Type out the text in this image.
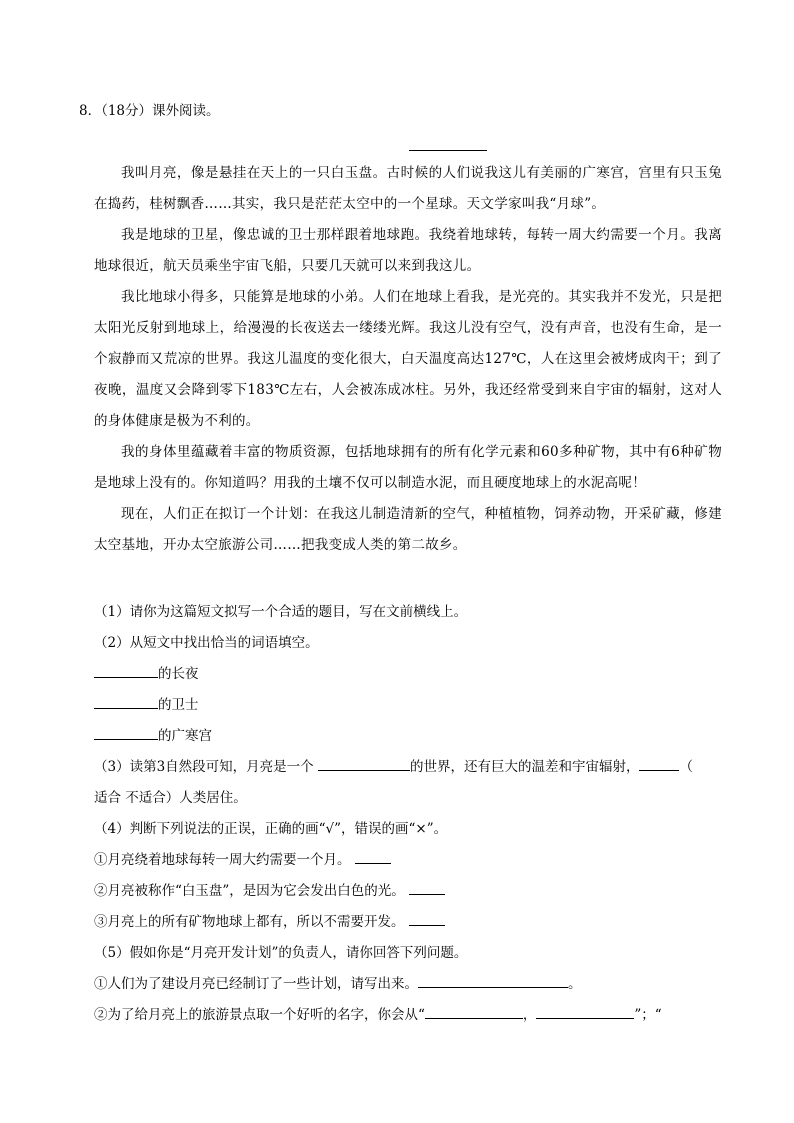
8．（18分）课外阅读。

我叫月亮，像是悬挂在天上的一只白玉盘。古时候的人们说我这儿有美丽的广寒宫，宫里有只玉兔在捣药，桂树飘香……其实，我只是茫茫太空中的一个星球。天文学家叫我“月球”。

我是地球的卫星，像忠诚的卫士那样跟着地球跑。我绕着地球转，每转一周大约需要一个月。我离地球很近，航天员乘坐宇宙飞船，只要几天就可以来到我这儿。

我比地球小得多，只能算是地球的小弟。人们在地球上看我，是光亮的。其实我并不发光，只是把太阳光反射到地球上，给漫漫的长夜送去一缕缕光辉。我这儿没有空气，没有声音，也没有生命，是一个寂静而又荒凉的世界。我这儿温度的变化很大，白天温度高达127℃，人在这里会被烤成肉干；到了夜晚，温度又会降到零下183℃左右，人会被冻成冰柱。另外，我还经常受到来自宇宙的辐射，这对人的身体健康是极为不利的。

我的身体里蕴藏着丰富的物质资源，包括地球拥有的所有化学元素和60多种矿物，其中有6种矿物是地球上没有的。你知道吗？用我的土壤不仅可以制造水泥，而且硬度地球上的水泥高呢！

现在，人们正在拟订一个计划：在我这儿制造清新的空气，种植植物，饲养动物，开采矿藏，修建太空基地，开办太空旅游公司……把我变成人类的第二故乡。

（1）请你为这篇短文拟写一个合适的题目，写在文前横线上。
（2）从短文中找出恰当的词语填空。
的长夜
的卫士
的广寒宫
（3）读第3自然段可知，月亮是一个	的世界，还有巨大的温差和宇宙辐射，	（
适合 不适合）人类居住。
（4）判断下列说法的正误，正确的画“√”，错误的画“×”。
①月亮绕着地球每转一周大约需要一个月。
②月亮被称作“白玉盘”，是因为它会发出白色的光。
③月亮上的所有矿物地球上都有，所以不需要开发。
（5）假如你是“月亮开发计划”的负责人，请你回答下列问题。
①人们为了建设月亮已经制订了一些计划，请写出来。	。
②为了给月亮上的旅游景点取一个好听的名字，你会从“	，	”；“
